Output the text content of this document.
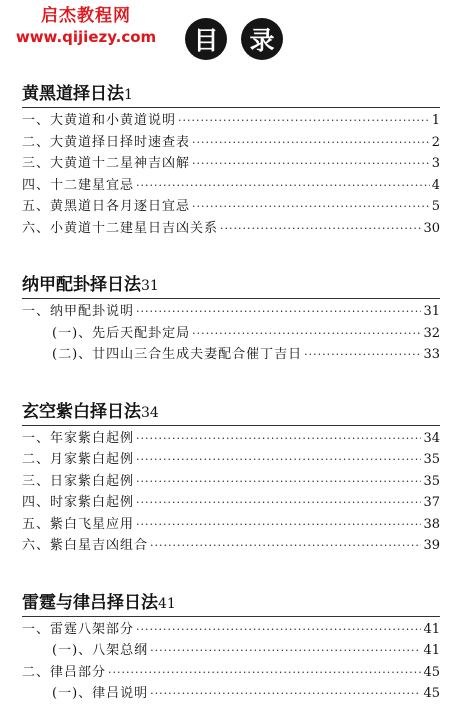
启杰教程网
www.qijiezy.com	目	录
黄黑道择日法1
一、大黄道和小黄道说明 ·····	1
二、大黄道择日择时速查表 ·····	2
三、大黄道十二星神吉凶解 ·····	3
四、十二建星宜忌 ·····	4
五、黄黑道日各月逐日宜忌 ·····	5
六、小黄道十二建星日吉凶关系 ·····	30
纳甲配卦择日法31
一、纳甲配卦说明 ·····	31
(一)、先后天配卦定局 ·····	32
(二)、廿四山三合生成夫妻配合催丁吉日 ·····	33
玄空紫白择日法34
一、年家紫白起例 ·····	34
二、月家紫白起例 ·····	35
三、日家紫白起例 ·····	35
四、时家紫白起例 ·····	37
五、紫白飞星应用 ·····	38
六、紫白星吉凶组合 ·····	39
雷霆与律吕择日法41
一、雷霆八架部分 ·····	41
(一)、八架总纲 ·····	41
二、律吕部分 ·····	45
(一)、律吕说明 ·····	45
